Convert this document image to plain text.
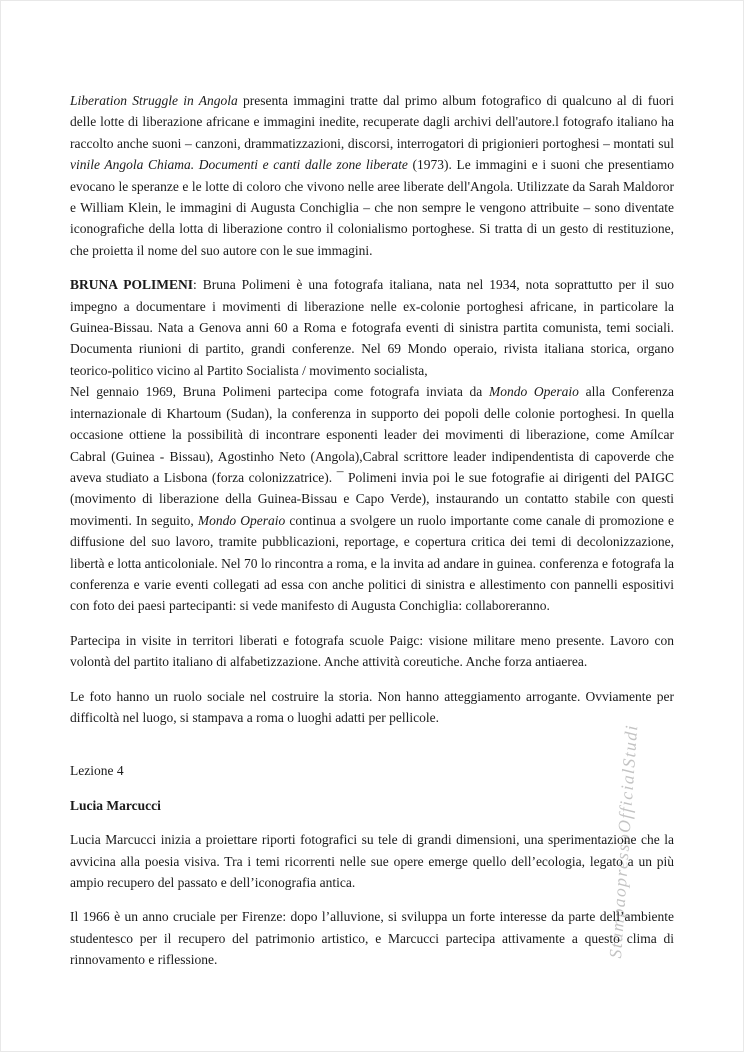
StampaopressoOfficialStudi

Liberation Struggle in Angola presenta immagini tratte dal primo album fotografico di qualcuno al di fuori delle lotte di liberazione africane e immagini inedite, recuperate dagli archivi dell'autore.l fotografo italiano ha raccolto anche suoni – canzoni, drammatizzazioni, discorsi, interrogatori di prigionieri portoghesi – montati sul vinile Angola Chiama. Documenti e canti dalle zone liberate (1973). Le immagini e i suoni che presentiamo evocano le speranze e le lotte di coloro che vivono nelle aree liberate dell'Angola. Utilizzate da Sarah Maldoror e William Klein, le immagini di Augusta Conchiglia – che non sempre le vengono attribuite – sono diventate iconografiche della lotta di liberazione contro il colonialismo portoghese. Si tratta di un gesto di restituzione, che proietta il nome del suo autore con le sue immagini.

BRUNA POLIMENI: Bruna Polimeni è una fotografa italiana, nata nel 1934, nota soprattutto per il suo impegno a documentare i movimenti di liberazione nelle ex-colonie portoghesi africane, in particolare la Guinea-Bissau. Nata a Genova anni 60 a Roma e fotografa eventi di sinistra partita comunista, temi sociali. Documenta riunioni di partito, grandi conferenze. Nel 69 Mondo operaio, rivista italiana storica, organo teorico-politico vicino al Partito Socialista / movimento socialista,
Nel gennaio 1969, Bruna Polimeni partecipa come fotografa inviata da Mondo Operaio alla Conferenza internazionale di Khartoum (Sudan), la conferenza in supporto dei popoli delle colonie portoghesi. In quella occasione ottiene la possibilità di incontrare esponenti leader dei movimenti di liberazione, come Amílcar Cabral (Guinea - Bissau), Agostinho Neto (Angola),Cabral scrittore leader indipendentista di capoverde che aveva studiato a Lisbona (forza colonizzatrice). ¯ Polimeni invia poi le sue fotografie ai dirigenti del PAIGC (movimento di liberazione della Guinea-Bissau e Capo Verde), instaurando un contatto stabile con questi movimenti. In seguito, Mondo Operaio continua a svolgere un ruolo importante come canale di promozione e diffusione del suo lavoro, tramite pubblicazioni, reportage, e copertura critica dei temi di decolonizzazione, libertà e lotta anticoloniale. Nel 70 lo rincontra a roma, e la invita ad andare in guinea. conferenza e fotografa la conferenza e varie eventi collegati ad essa con anche politici di sinistra e allestimento con pannelli espositivi con foto dei paesi partecipanti: si vede manifesto di Augusta Conchiglia: collaboreranno.

Partecipa in visite in territori liberati e fotografa scuole Paigc: visione militare meno presente. Lavoro con volontà del partito italiano di alfabetizzazione. Anche attività coreutiche. Anche forza antiaerea.

Le foto hanno un ruolo sociale nel costruire la storia. Non hanno atteggiamento arrogante. Ovviamente per difficoltà nel luogo, si stampava a roma o luoghi adatti per pellicole.

Lezione 4

Lucia Marcucci

Lucia Marcucci inizia a proiettare riporti fotografici su tele di grandi dimensioni, una sperimentazione che la avvicina alla poesia visiva. Tra i temi ricorrenti nelle sue opere emerge quello dell’ecologia, legato a un più ampio recupero del passato e dell’iconografia antica.

Il 1966 è un anno cruciale per Firenze: dopo l’alluvione, si sviluppa un forte interesse da parte dell’ambiente studentesco per il recupero del patrimonio artistico, e Marcucci partecipa attivamente a questo clima di rinnovamento e riflessione.
